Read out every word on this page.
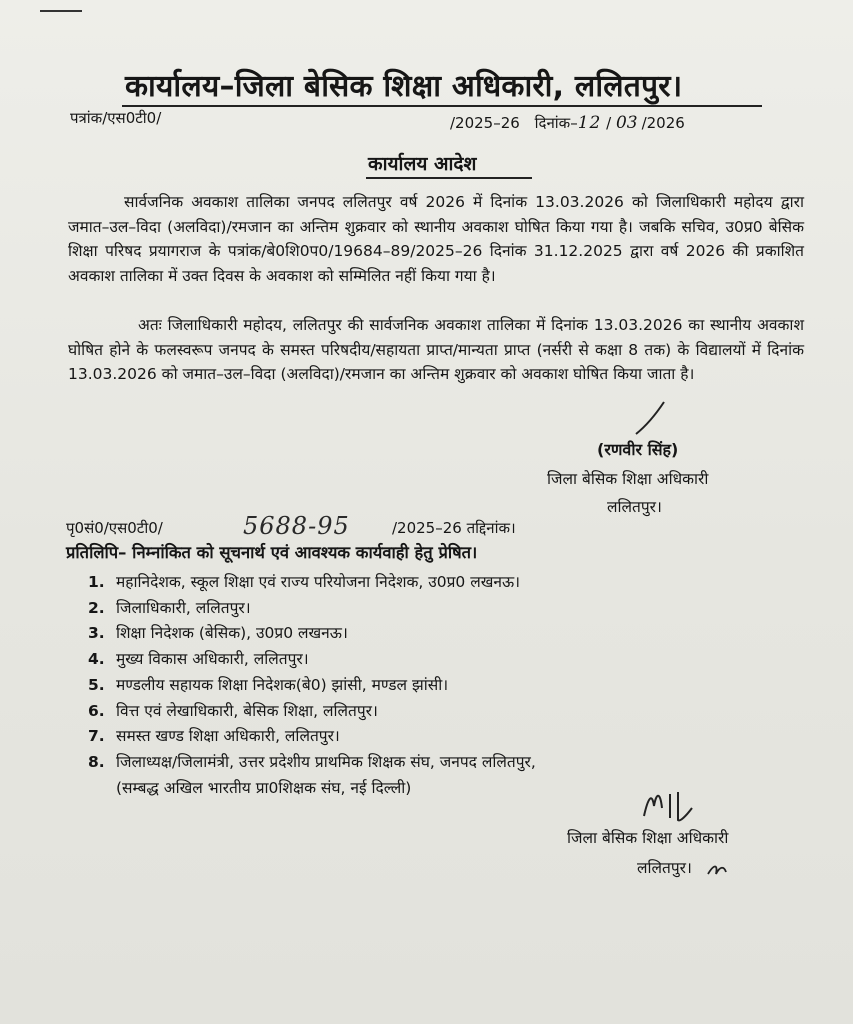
कार्यालय–जिला बेसिक शिक्षा अधिकारी, ललितपुर।
पत्रांक/एस0टी0/	/2025–26 दिनांक–12 / 03 /2026
कार्यालय आदेश
सार्वजनिक अवकाश तालिका जनपद ललितपुर वर्ष 2026 में दिनांक 13.03.2026 को जिलाधिकारी महोदय द्वारा जमात–उल–विदा (अलविदा)/रमजान का अन्तिम शुक्रवार को स्थानीय अवकाश घोषित किया गया है। जबकि सचिव, उ0प्र0 बेसिक शिक्षा परिषद प्रयागराज के पत्रांक/बे0शि0प0/19684–89/2025–26 दिनांक 31.12.2025 द्वारा वर्ष 2026 की प्रकाशित अवकाश तालिका में उक्त दिवस के अवकाश को सम्मिलित नहीं किया गया है।
अतः जिलाधिकारी महोदय, ललितपुर की सार्वजनिक अवकाश तालिका में दिनांक 13.03.2026 का स्थानीय अवकाश घोषित होने के फलस्वरूप जनपद के समस्त परिषदीय/सहायता प्राप्त/मान्यता प्राप्त (नर्सरी से कक्षा 8 तक) के विद्यालयों में दिनांक 13.03.2026 को जमात–उल–विदा (अलविदा)/रमजान का अन्तिम शुक्रवार को अवकाश घोषित किया जाता है।
(रणवीर सिंह)
जिला बेसिक शिक्षा अधिकारी
ललितपुर।
पृ0सं0/एस0टी0/	5688-95	/2025–26 तद्दिनांक।
प्रतिलिपि– निम्नांकित को सूचनार्थ एवं आवश्यक कार्यवाही हेतु प्रेषित।
1. महानिदेशक, स्कूल शिक्षा एवं राज्य परियोजना निदेशक, उ0प्र0 लखनऊ।
2. जिलाधिकारी, ललितपुर।
3. शिक्षा निदेशक (बेसिक), उ0प्र0 लखनऊ।
4. मुख्य विकास अधिकारी, ललितपुर।
5. मण्डलीय सहायक शिक्षा निदेशक(बे0) झांसी, मण्डल झांसी।
6. वित्त एवं लेखाधिकारी, बेसिक शिक्षा, ललितपुर।
7. समस्त खण्ड शिक्षा अधिकारी, ललितपुर।
8. जिलाध्यक्ष/जिलामंत्री, उत्तर प्रदेशीय प्राथमिक शिक्षक संघ, जनपद ललितपुर,
(सम्बद्ध अखिल भारतीय प्रा0शिक्षक संघ, नई दिल्ली)
जिला बेसिक शिक्षा अधिकारी
ललितपुर।
